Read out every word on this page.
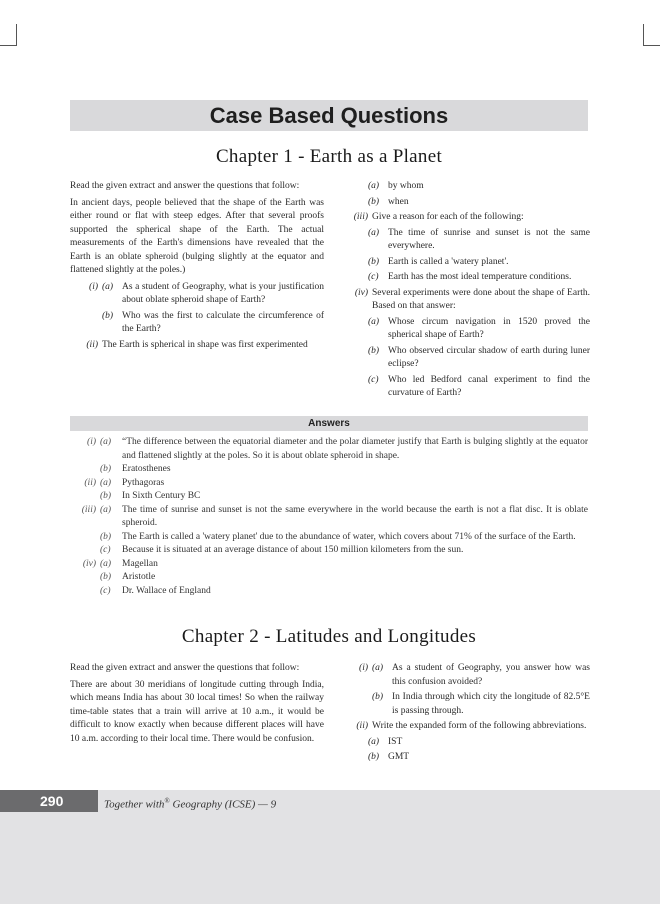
Case Based Questions
Chapter 1 - Earth as a Planet

Read the given extract and answer the questions that follow:

In ancient days, people believed that the shape of the Earth was either round or flat with steep edges. After that several proofs supported the spherical shape of the Earth. The actual measurements of the Earth's dimensions have revealed that the Earth is an oblate spheroid (bulging slightly at the equator and flattened slightly at the poles.)

(i) (a) As a student of Geography, what is your justification about oblate spheroid shape of Earth?
(b) Who was the first to calculate the circumference of the Earth?
(ii) The Earth is spherical in shape was first experimented
(a) by whom
(b) when
(iii) Give a reason for each of the following:
(a) The time of sunrise and sunset is not the same everywhere.
(b) Earth is called a 'watery planet'.
(c) Earth has the most ideal temperature conditions.
(iv) Several experiments were done about the shape of Earth. Based on that answer:
(a) Whose circum navigation in 1520 proved the spherical shape of Earth?
(b) Who observed circular shadow of earth during luner eclipse?
(c) Who led Bedford canal experiment to find the curvature of Earth?
Answers
(i) (a)	“The difference between the equatorial diameter and the polar diameter justify that Earth is bulging slightly at the equator and flattened slightly at the poles. So it is about oblate spheroid in shape.
(b)	Eratosthenes
(ii) (a)	Pythagoras
(b)	In Sixth Century BC
(iii) (a)	The time of sunrise and sunset is not the same everywhere in the world because the earth is not a flat disc. It is oblate spheroid.
(b)	The Earth is called a 'watery planet' due to the abundance of water, which covers about 71% of the surface of the Earth.
(c)	Because it is situated at an average distance of about 150 million kilometers from the sun.
(iv) (a)	Magellan
(b)	Aristotle
(c)	Dr. Wallace of England
Chapter 2 - Latitudes and Longitudes

Read the given extract and answer the questions that follow:

There are about 30 meridians of longitude cutting through India, which means India has about 30 local times! So when the railway time-table states that a train will arrive at 10 a.m., it would be difficult to know exactly when because different places will have 10 a.m. according to their local time. There would be confusion.

(i) (a) As a student of Geography, you answer how was this confusion avoided?
(b) In India through which city the longitude of 82.5°E is passing through.
(ii) Write the expanded form of the following abbreviations.
(a) IST
(b) GMT
290	Together with® Geography (ICSE) — 9
